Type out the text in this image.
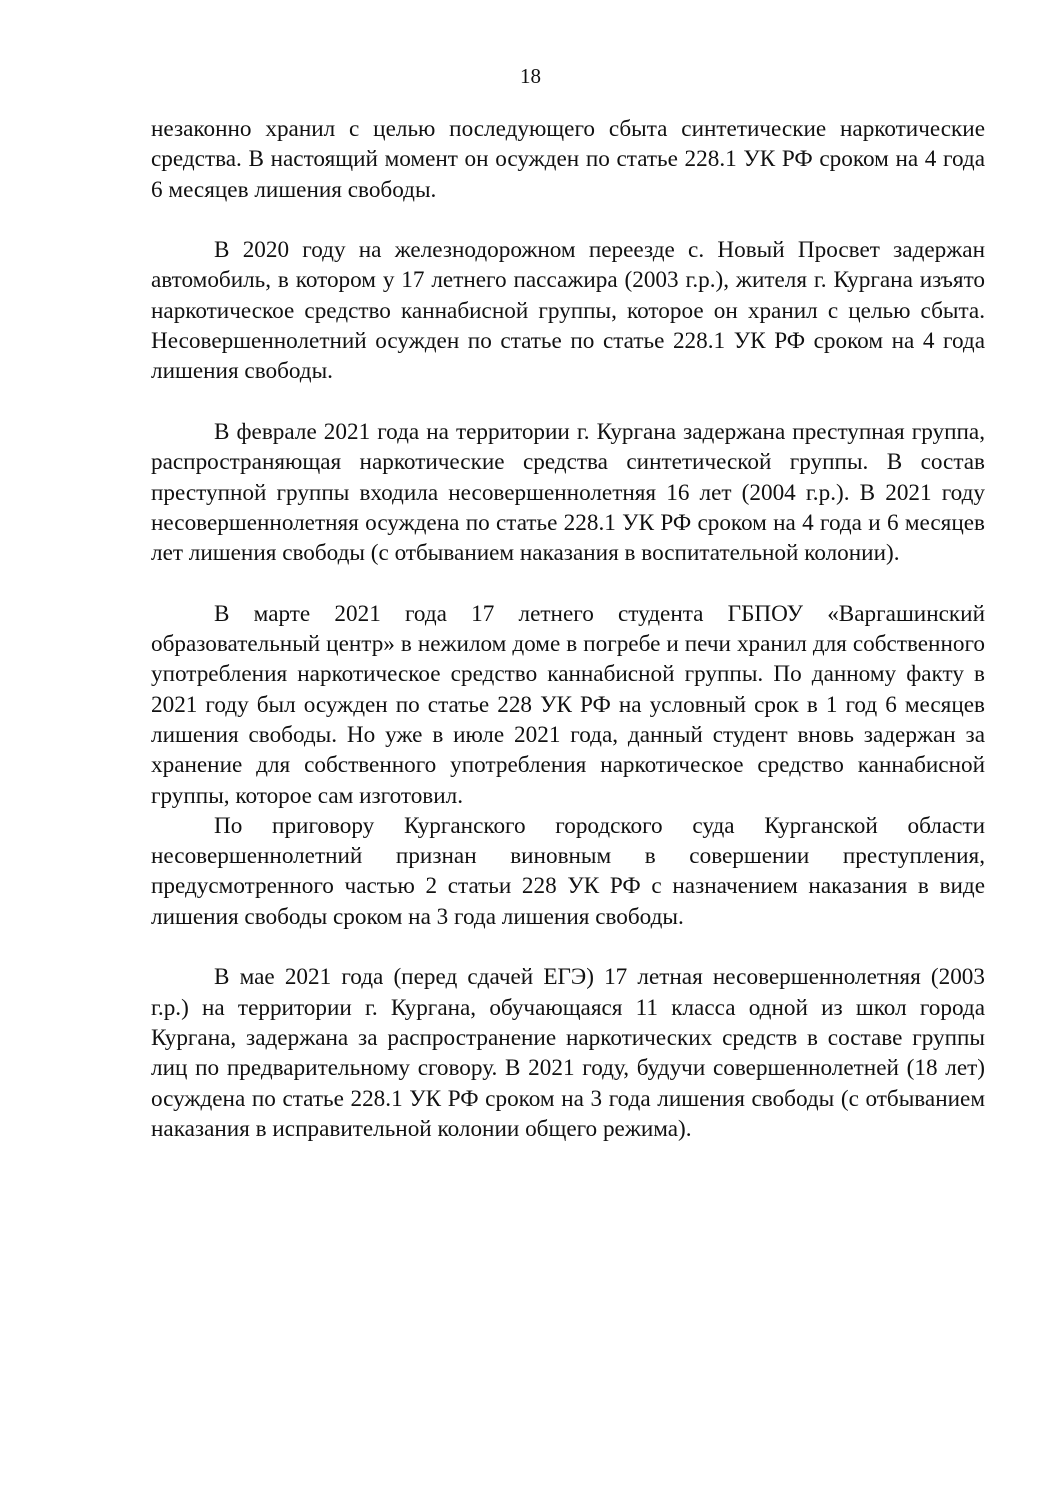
18

незаконно хранил с целью последующего сбыта синтетические наркотические средства. В настоящий момент он осужден по статье 228.1 УК РФ сроком на 4 года 6 месяцев лишения свободы.

В 2020 году на железнодорожном переезде с. Новый Просвет задержан автомобиль, в котором у 17 летнего пассажира (2003 г.р.), жителя г. Кургана изъято наркотическое средство каннабисной группы, которое он хранил с целью сбыта. Несовершеннолетний осужден по статье по статье 228.1 УК РФ сроком на 4 года лишения свободы.

В феврале 2021 года на территории г. Кургана задержана преступная группа, распространяющая наркотические средства синтетической группы. В состав преступной группы входила несовершеннолетняя 16 лет (2004 г.р.). В 2021 году несовершеннолетняя осуждена по статье 228.1 УК РФ сроком на 4 года и 6 месяцев лет лишения свободы (с отбыванием наказания в воспитательной колонии).

В марте 2021 года 17 летнего студента ГБПОУ «Варгашинский образовательный центр» в нежилом доме в погребе и печи хранил для собственного употребления наркотическое средство каннабисной группы. По данному факту в 2021 году был осужден по статье 228 УК РФ на условный срок в 1 год 6 месяцев лишения свободы. Но уже в июле 2021 года, данный студент вновь задержан за хранение для собственного употребления наркотическое средство каннабисной группы, которое сам изготовил.

По приговору Курганского городского суда Курганской области несовершеннолетний признан виновным в совершении преступления, предусмотренного частью 2 статьи 228 УК РФ с назначением наказания в виде лишения свободы сроком на 3 года лишения свободы.

В мае 2021 года (перед сдачей ЕГЭ) 17 летная несовершеннолетняя (2003 г.р.) на территории г. Кургана, обучающаяся 11 класса одной из школ города Кургана, задержана за распространение наркотических средств в составе группы лиц по предварительному сговору. В 2021 году, будучи совершеннолетней (18 лет) осуждена по статье 228.1 УК РФ сроком на 3 года лишения свободы (с отбыванием наказания в исправительной колонии общего режима).
